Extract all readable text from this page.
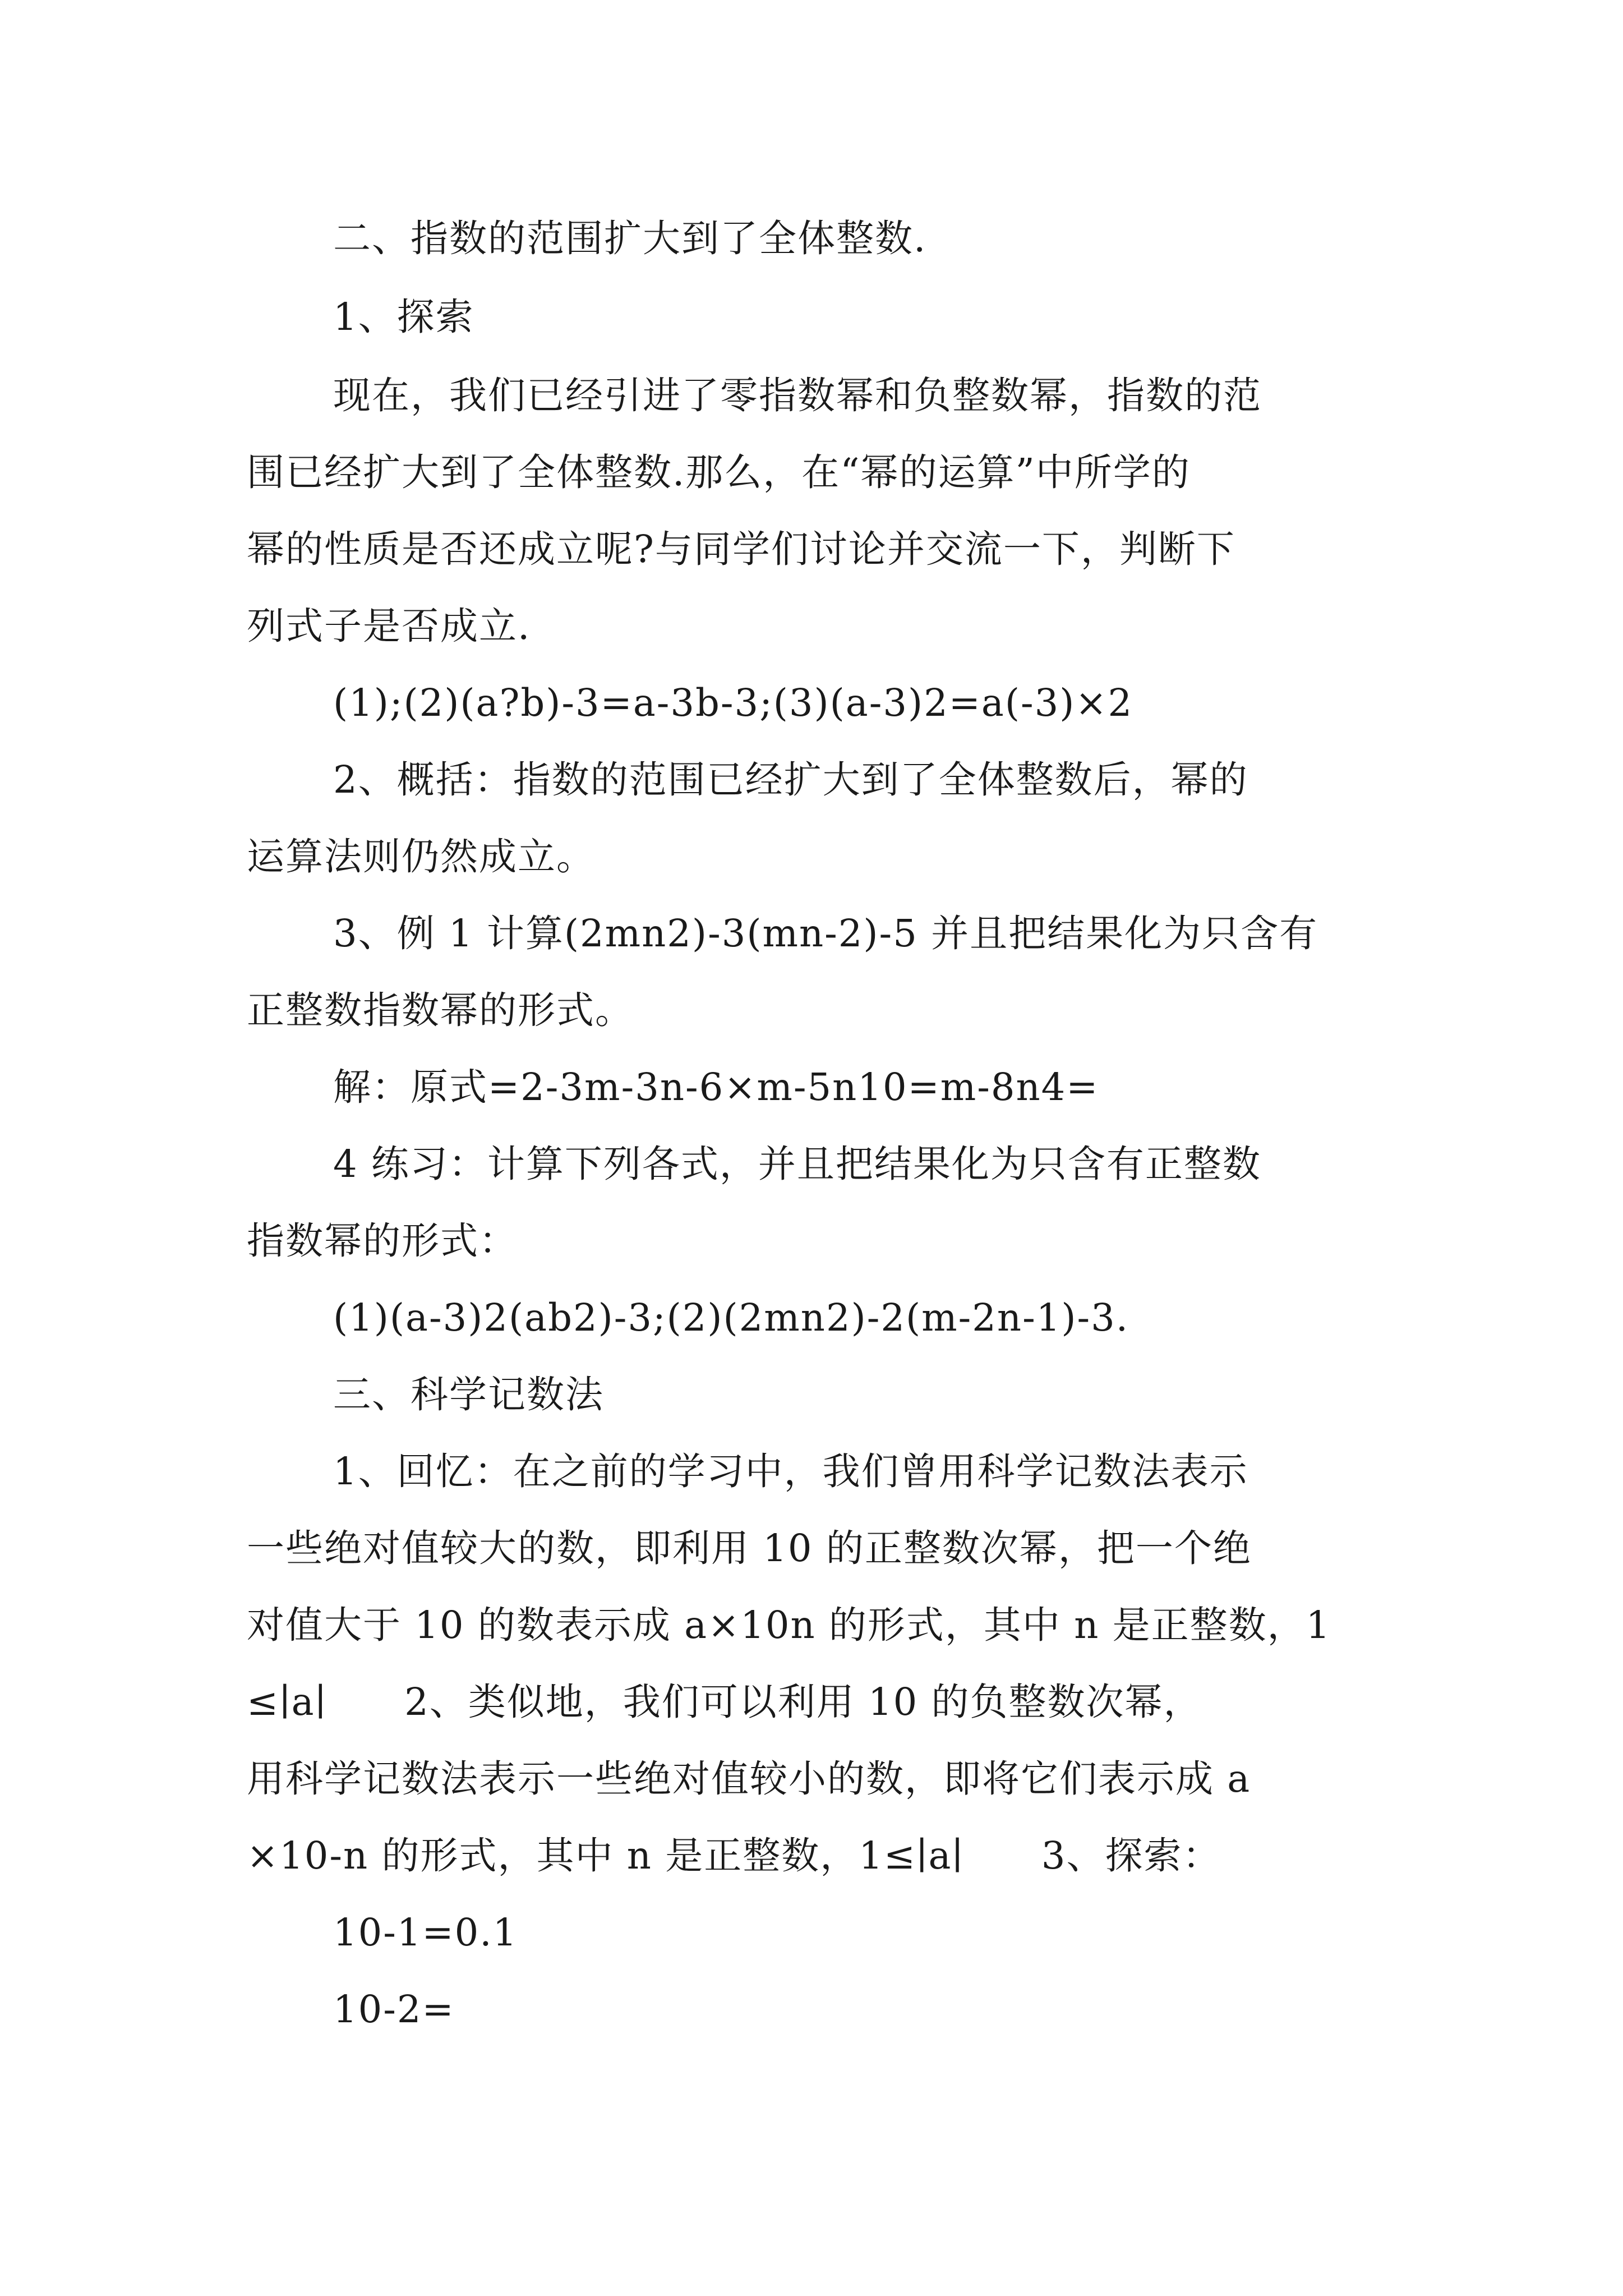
二、指数的范围扩大到了全体整数.
1、探索
现在，我们已经引进了零指数幂和负整数幂，指数的范
围已经扩大到了全体整数.那么，在“幂的运算”中所学的
幂的性质是否还成立呢?与同学们讨论并交流一下，判断下
列式子是否成立.
(1);(2)(a?b)-3=a-3b-3;(3)(a-3)2=a(-3)×2
2、概括：指数的范围已经扩大到了全体整数后，幂的
运算法则仍然成立。
3、例 1 计算(2mn2)-3(mn-2)-5 并且把结果化为只含有
正整数指数幂的形式。
解：原式=2-3m-3n-6×m-5n10=m-8n4=
4 练习：计算下列各式，并且把结果化为只含有正整数
指数幂的形式：
(1)(a-3)2(ab2)-3;(2)(2mn2)-2(m-2n-1)-3.
三、科学记数法
1、回忆：在之前的学习中，我们曾用科学记数法表示
一些绝对值较大的数，即利用 10 的正整数次幂，把一个绝
对值大于 10 的数表示成 a×10n 的形式，其中 n 是正整数，1
≤∣a∣　　2、类似地，我们可以利用 10 的负整数次幂，
用科学记数法表示一些绝对值较小的数，即将它们表示成 a
×10-n 的形式，其中 n 是正整数，1≤∣a∣　　3、探索：
10-1=0.1
10-2=
